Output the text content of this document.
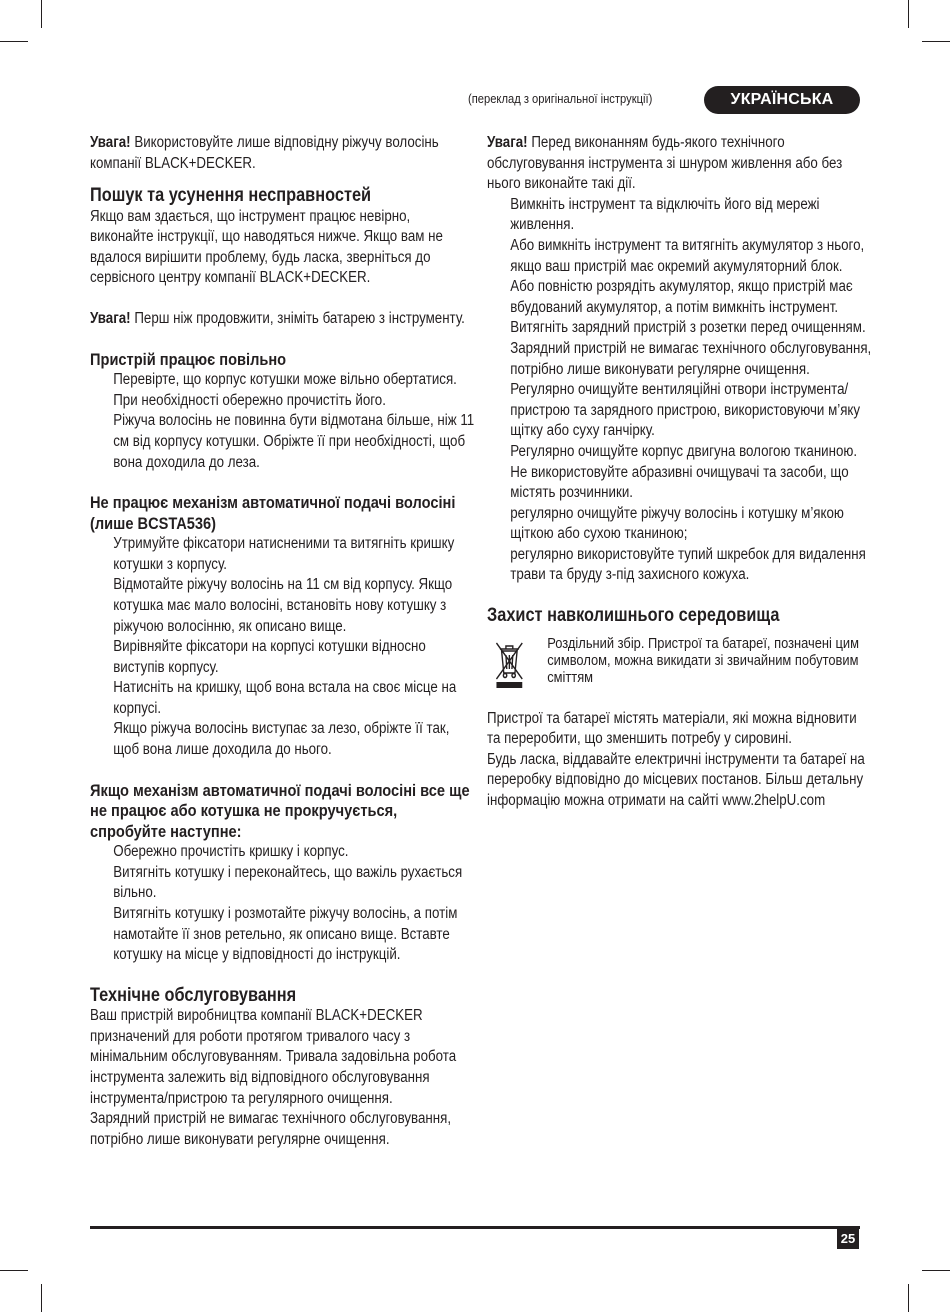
(переклад з оригінальної інструкції)	УКРАЇНСЬКА

Увага! Використовуйте лише відповідну ріжучу волосінь компанії BLACK+DECKER.

Пошук та усунення несправностей

Якщо вам здається, що інструмент працює невірно, виконайте інструкції, що наводяться нижче. Якщо вам не вдалося вирішити проблему, будь ласка, зверніться до сервісного центру компанії BLACK+DECKER.

Увага! Перш ніж продовжити, зніміть батарею з інструменту.

Пристрій працює повільно
Перевірте, що корпус котушки може вільно обертатися. При необхідності обережно прочистіть його.
Ріжуча волосінь не повинна бути відмотана більше, ніж 11 см від корпусу котушки. Обріжте її при необхідності, щоб вона доходила до леза.
Не працює механізм автоматичної подачі волосіні (лише BCSTA536)
Утримуйте фіксатори натисненими та витягніть кришку котушки з корпусу.
Відмотайте ріжучу волосінь на 11 см від корпусу. Якщо котушка має мало волосіні, встановіть нову котушку з ріжучою волосінню, як описано вище.
Вирівняйте фіксатори на корпусі котушки відносно виступів корпусу.
Натисніть на кришку, щоб вона встала на своє місце на корпусі.
Якщо ріжуча волосінь виступає за лезо, обріжте її так, щоб вона лише доходила до нього.
Якщо механізм автоматичної подачі волосіні все ще не працює або котушка не прокручується, спробуйте наступне:
Обережно прочистіть кришку і корпус.
Витягніть котушку і переконайтесь, що важіль рухається вільно.
Витягніть котушку і розмотайте ріжучу волосінь, а потім намотайте її знов ретельно, як описано вище. Вставте котушку на місце у відповідності до інструкцій.
Технічне обслуговування

Ваш пристрій виробництва компанії BLACK+DECKER призначений для роботи протягом тривалого часу з мінімальним обслуговуванням. Тривала задовільна робота інструмента залежить від відповідного обслуговування інструмента/пристрою та регулярного очищення.

Зарядний пристрій не вимагає технічного обслуговування, потрібно лише виконувати регулярне очищення.

Увага! Перед виконанням будь-якого технічного обслуговування інструмента зі шнуром живлення або без нього виконайте такі дії.

Вимкніть інструмент та відключіть його від мережі живлення.
Або вимкніть інструмент та витягніть акумулятор з нього, якщо ваш пристрій має окремий акумуляторний блок.
Або повністю розрядіть акумулятор, якщо пристрій має вбудований акумулятор, а потім вимкніть інструмент.
Витягніть зарядний пристрій з розетки перед очищенням. Зарядний пристрій не вимагає технічного обслуговування, потрібно лише виконувати регулярне очищення.
Регулярно очищуйте вентиляційні отвори інструмента/пристрою та зарядного пристрою, використовуючи м’яку щітку або суху ганчірку.
Регулярно очищуйте корпус двигуна вологою тканиною. Не використовуйте абразивні очищувачі та засоби, що містять розчинники.
регулярно очищуйте ріжучу волосінь і котушку м’якою щіткою або сухою тканиною;
регулярно використовуйте тупий шкребок для видалення трави та бруду з-під захисного кожуха.
Захист навколишнього середовища
Роздільний збір. Пристрої та батареї, позначені цим символом, можна викидати зі звичайним побутовим сміттям

Пристрої та батареї містять матеріали, які можна відновити та переробити, що зменшить потребу у сировині.

Будь ласка, віддавайте електричні інструменти та батареї на переробку відповідно до місцевих постанов. Більш детальну інформацію можна отримати на сайті www.2helpU.com

25
